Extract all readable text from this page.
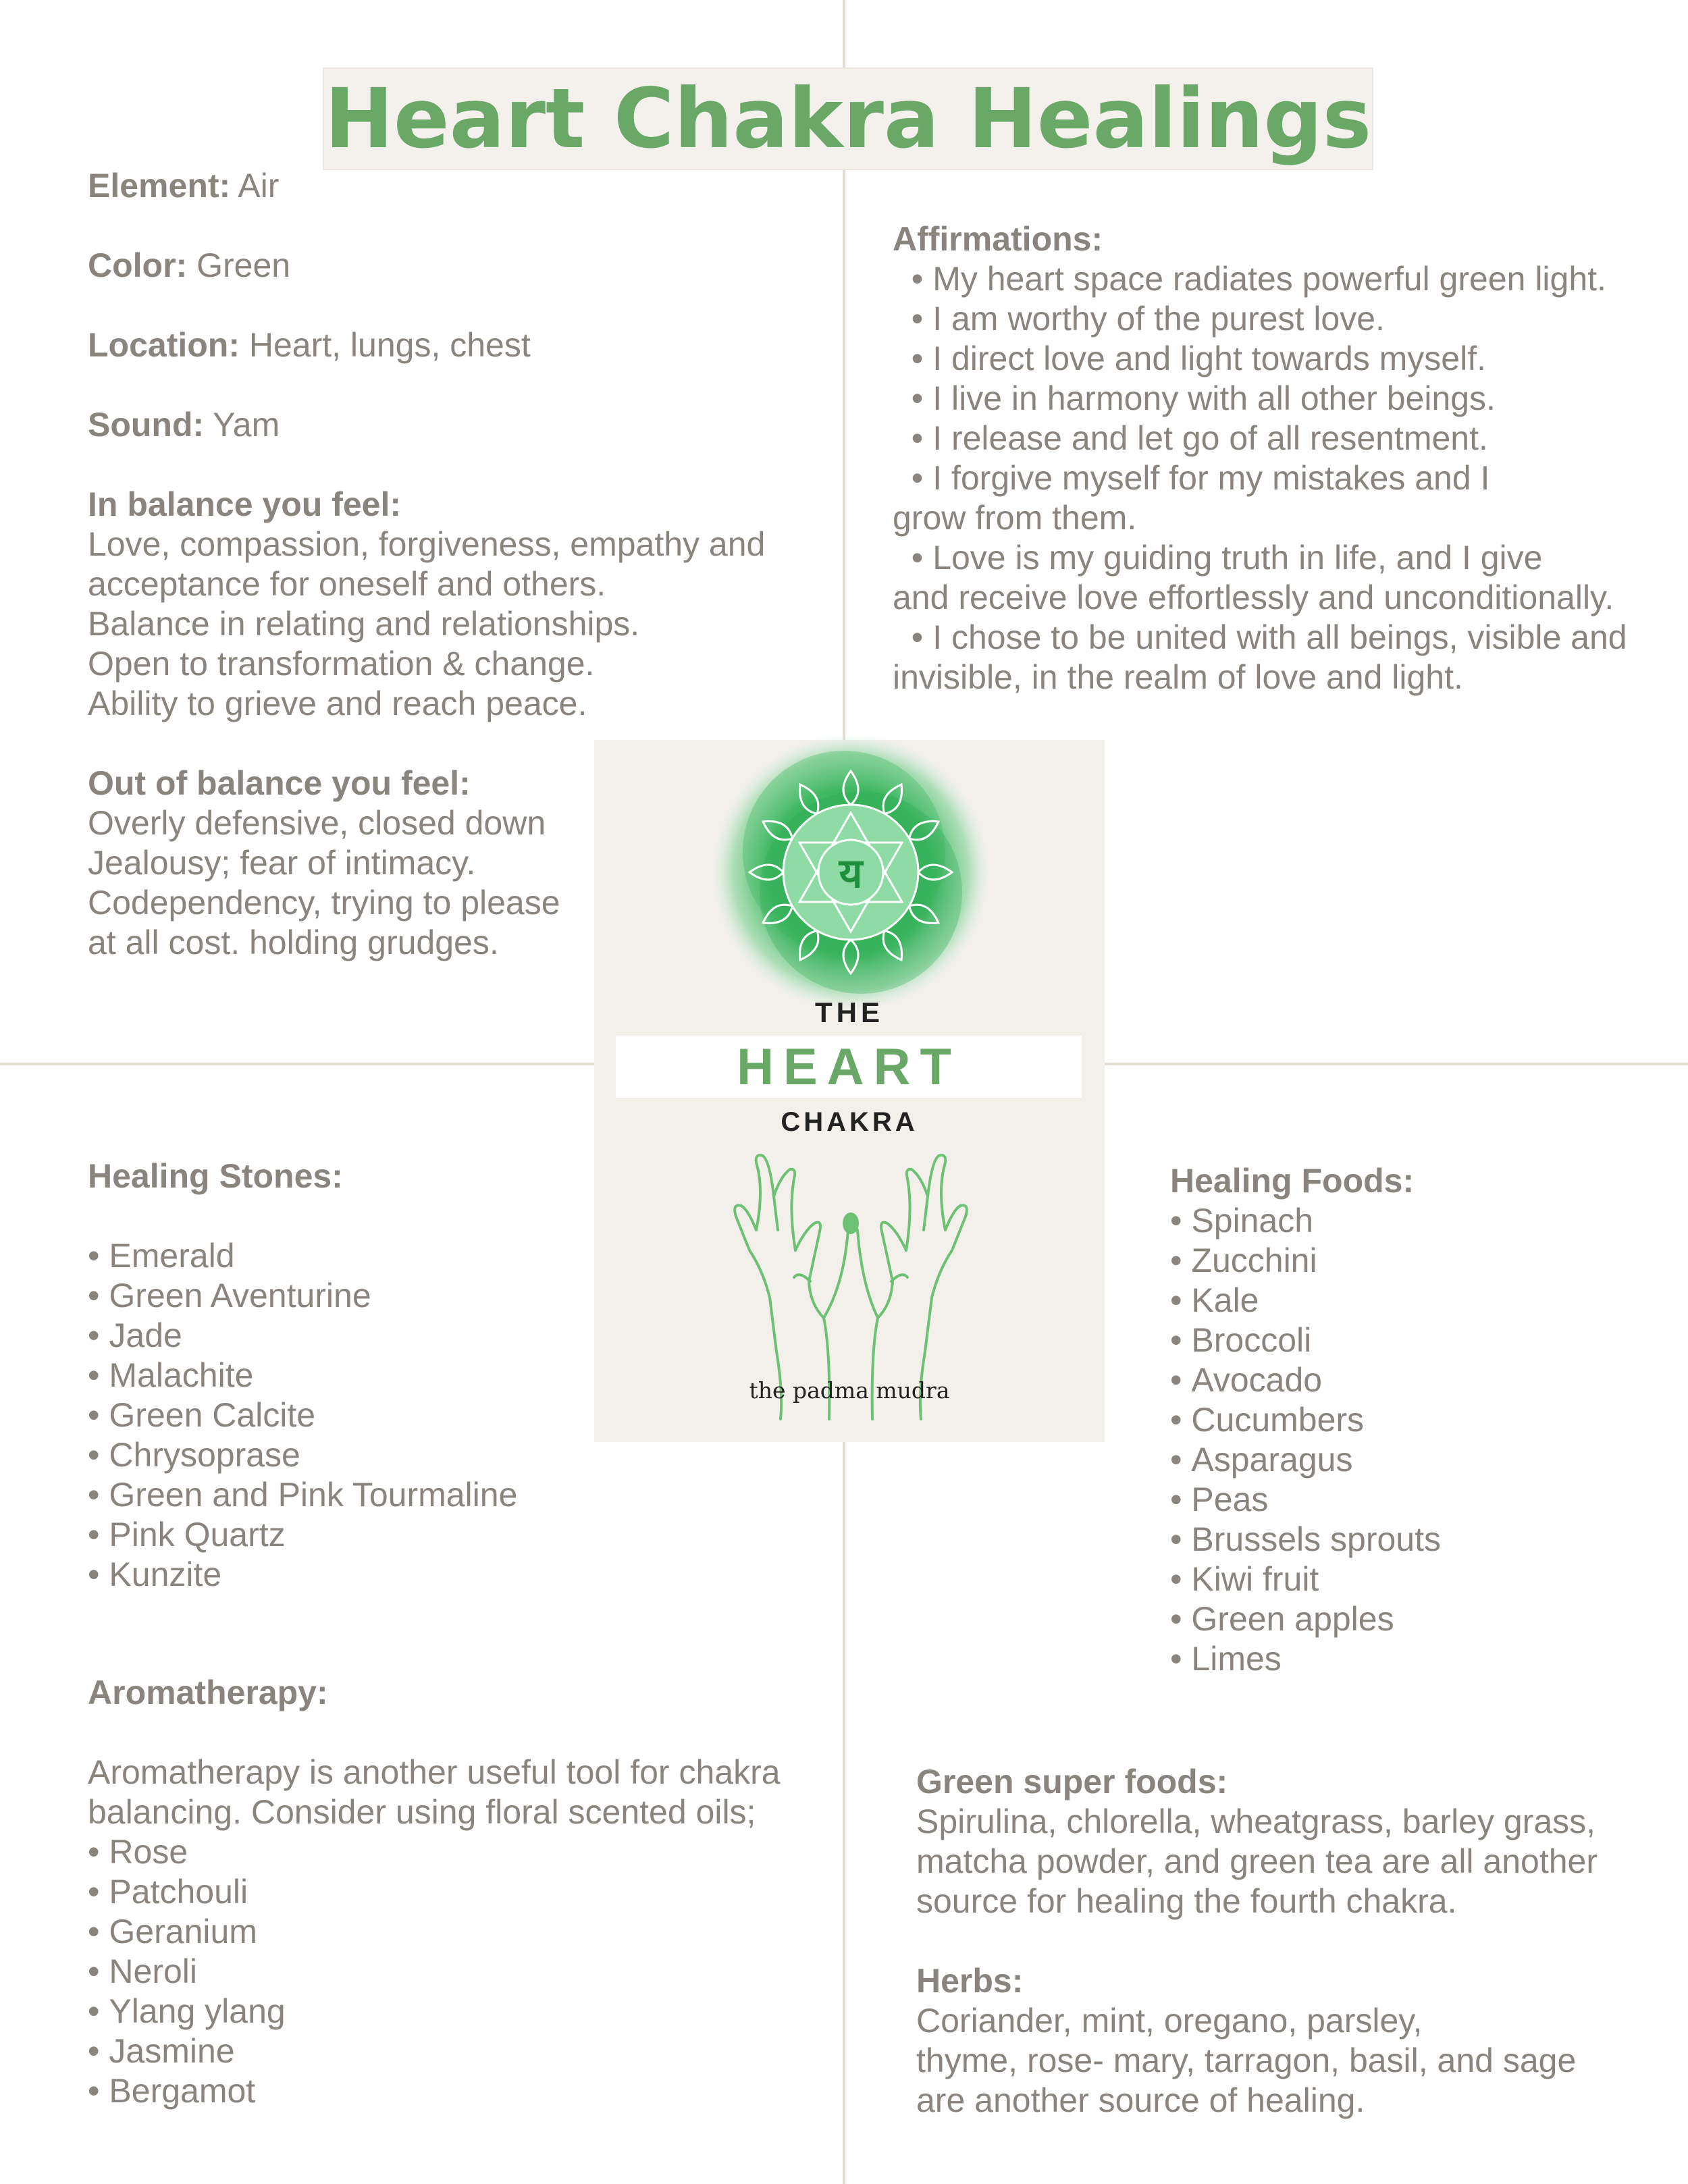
Heart Chakra Healings

Element: Air

Color: Green

Location: Heart, lungs, chest

Sound: Yam

In balance you feel:

Love, compassion, forgiveness, empathy and

acceptance for oneself and others.

Balance in relating and relationships.

Open to transformation & change.

Ability to grieve and reach peace.

Out of balance you feel:

Overly defensive, closed down

Jealousy; fear of intimacy.

Codependency, trying to please

at all cost. holding grudges.

Affirmations:

• My heart space radiates powerful green light.
• I am worthy of the purest love.
• I direct love and light towards myself.
• I live in harmony with all other beings.
• I release and let go of all resentment.
• I forgive myself for my mistakes and I

grow from them.

• Love is my guiding truth in life, and I give

and receive love effortlessly and unconditionally.

• I chose to be united with all beings, visible and

invisible, in the realm of love and light.

य
THE
HEART
CHAKRA
the padma mudra

Healing Stones:

• Emerald
• Green Aventurine
• Jade
• Malachite
• Green Calcite
• Chrysoprase
• Green and Pink Tourmaline
• Pink Quartz
• Kunzite

Aromatherapy:

Aromatherapy is another useful tool for chakra

balancing. Consider using floral scented oils;

• Rose
• Patchouli
• Geranium
• Neroli
• Ylang ylang
• Jasmine
• Bergamot

Healing Foods:

• Spinach
• Zucchini
• Kale
• Broccoli
• Avocado
• Cucumbers
• Asparagus
• Peas
• Brussels sprouts
• Kiwi fruit
• Green apples
• Limes

Green super foods:

Spirulina, chlorella, wheatgrass, barley grass,

matcha powder, and green tea are all another

source for healing the fourth chakra.

Herbs:

Coriander, mint, oregano, parsley,

thyme, rose- mary, tarragon, basil, and sage

are another source of healing.
